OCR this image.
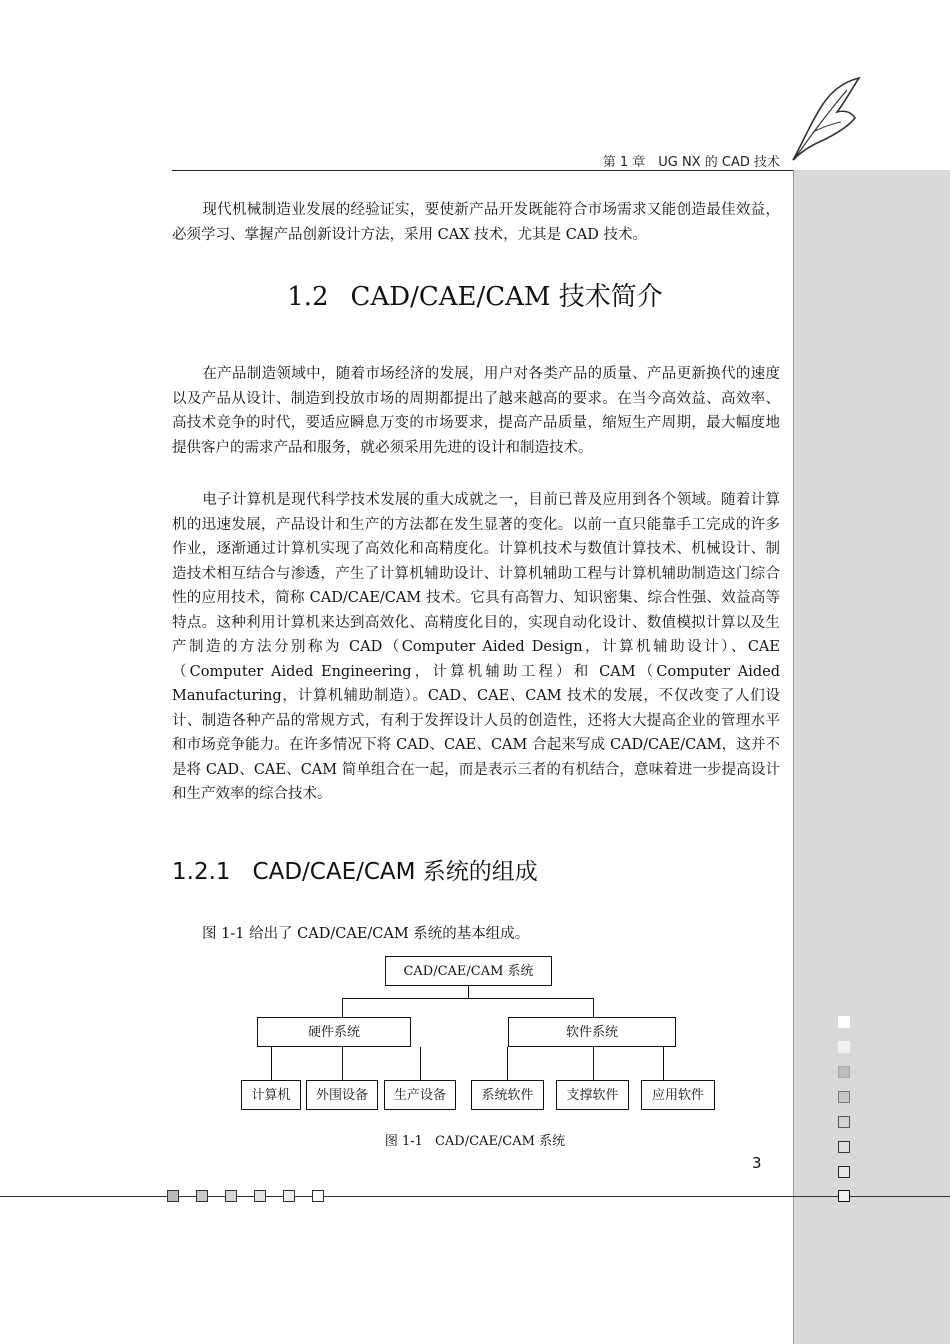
第 1 章　UG NX 的 CAD 技术

现代机械制造业发展的经验证实，要使新产品开发既能符合市场需求又能创造最佳效益，必须学习、掌握产品创新设计方法，采用 CAX 技术，尤其是 CAD 技术。

1.2 CAD/CAE/CAM 技术简介

在产品制造领域中，随着市场经济的发展，用户对各类产品的质量、产品更新换代的速度以及产品从设计、制造到投放市场的周期都提出了越来越高的要求。在当今高效益、高效率、高技术竞争的时代，要适应瞬息万变的市场要求，提高产品质量，缩短生产周期，最大幅度地提供客户的需求产品和服务，就必须采用先进的设计和制造技术。

电子计算机是现代科学技术发展的重大成就之一，目前已普及应用到各个领域。随着计算机的迅速发展，产品设计和生产的方法都在发生显著的变化。以前一直只能靠手工完成的许多作业，逐渐通过计算机实现了高效化和高精度化。计算机技术与数值计算技术、机械设计、制造技术相互结合与渗透，产生了计算机辅助设计、计算机辅助工程与计算机辅助制造这门综合性的应用技术，简称 CAD/CAE/CAM 技术。它具有高智力、知识密集、综合性强、效益高等特点。这种利用计算机来达到高效化、高精度化目的，实现自动化设计、数值模拟计算以及生产制造的方法分别称为 CAD（Computer Aided Design，计算机辅助设计）、CAE（Computer Aided Engineering，计算机辅助工程）和 CAM（Computer Aided Manufacturing，计算机辅助制造）。CAD、CAE、CAM 技术的发展，不仅改变了人们设计、制造各种产品的常规方式，有利于发挥设计人员的创造性，还将大大提高企业的管理水平和市场竞争能力。在许多情况下将 CAD、CAE、CAM 合起来写成 CAD/CAE/CAM，这并不是将 CAD、CAE、CAM 简单组合在一起，而是表示三者的有机结合，意味着进一步提高设计和生产效率的综合技术。

1.2.1 CAD/CAE/CAM 系统的组成

图 1-1 给出了 CAD/CAE/CAM 系统的基本组成。

CAD/CAE/CAM 系统
硬件系统	软件系统
计算机	外围设备	生产设备	系统软件	支撑软件	应用软件
图 1-1 CAD/CAE/CAM 系统
3
